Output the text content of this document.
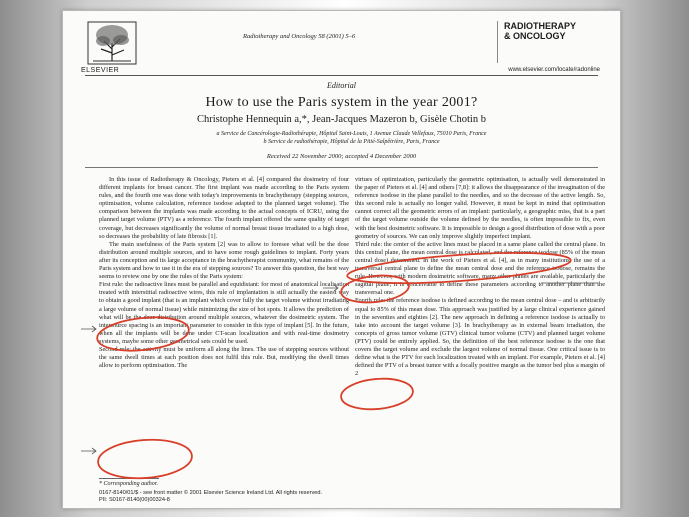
ELSEVIER
Radiotherapy and Oncology 58 (2001) 5–6
RADIOTHERAPY
& ONCOLOGY
www.elsevier.com/locate/radonline
Editorial
How to use the Paris system in the year 2001?
Christophe Hennequin a,*, Jean-Jacques Mazeron b, Gisèle Chotin b
a Service de Cancérologie-Radiothérapie, Hôpital Saint-Louis, 1 Avenue Claude Vellefaux, 75010 Paris, France
b Service de radiothérapie, Hôpital de la Pitié-Salpêtrière, Paris, France
Received 22 November 2000; accepted 4 December 2000

In this issue of Radiotherapy & Oncology, Pieters et al. [4] compared the dosimetry of four different implants for breast cancer. The first implant was made according to the Paris system rules, and the fourth one was done with today's improvements in brachytherapy (stepping sources, optimisation, volume calculation, reference isodose adapted to the planned target volume). The comparison between the implants was made according to the actual concepts of ICRU, using the planned target volume (PTV) as a reference. The fourth implant offered the same quality of target coverage, but decreases significantly the volume of normal breast tissue irradiated to a high dose, so decreases the probability of late fibrosis [1].

The main usefulness of the Paris system [2] was to allow to foresee what will be the dose distribution around multiple sources, and to have some rough guidelines to implant. Forty years after its conception and its large acceptance in the brachytherapist community, what remains of the Paris system and how to use it in the era of stepping sources? To answer this question, the best way seems to review one by one the rules of the Paris system:

First rule: the radioactive lines must be parallel and equidistant: for most of anatomical localisation treated with interstitial radioactive wires, this rule of implantation is still actually the easiest way to obtain a good implant (that is an implant which cover fully the target volume without irradiating a large volume of normal tissue) while minimizing the size of hot spots. It allows the prediction of what will be the dose distribution around multiple sources, whatever the dosimetric system. The intersource spacing is an important parameter to consider in this type of implant [5]. In the future, when all the implants will be done under CT-scan localization and with real-time dosimetry systems, maybe some other geometrical sets could be used.

Second rule: the activity must be uniform all along the lines. The use of stepping sources without the same dwell times at each position does not fulfil this rule. But, modifying the dwell times allow to perform optimisation. The

virtues of optimization, particularly the geometric optimisation, is actually well demonstrated in the paper of Pieters et al. [4] and others [7,8]: it allows the disappearance of the invagination of the reference isodose in the plane parallel to the needles, and so the decrease of the active length. So, this second rule is actually no longer valid. However, it must be kept in mind that optimisation cannot correct all the geometric errors of an implant: particularly, a geographic miss, that is a part of the target volume outside the volume defined by the needles, is often impossible to fix, even with the best dosimetric software. It is impossible to design a good distribution of dose with a poor geometry of sources. We can only improve slightly imperfect implant.

Third rule: the center of the active lines must be placed in a same plane called the central plane. In this central plane, the mean central dose is calculated, and the reference isodose (85% of the mean central dose) determined. In the work of Pieters et al. [4], as in many institutions, the use of a transversal central plane to define the mean central dose and the reference isodose, remains the rule. However, with modern dosimetric software, many other planes are available, particularly the sagittal plane; it is conceivable to define these parameters according to another plane than the transversal one.

Fourth rule: the reference isodose is defined according to the mean central dose – and is arbitrarily equal to 85% of this mean dose. This approach was justified by a large clinical experience gained in the seventies and eighties [2]. The new approach in defining a reference isodose is actually to take into account the target volume [3]. In brachytherapy as in external beam irradiation, the concepts of gross tumor volume (GTV) clinical tumor volume (CTV) and planned target volume (PTV) could be entirely applied. So, the definition of the best reference isodose is the one that covers the target volume and exclude the largest volume of normal tissue. One critical issue is to define what is the PTV for each localization treated with an implant. For example, Pieters et al. [4] defined the PTV of a breast tumor with a focally positive margin as the tumor bed plus a margin of 2

* Corresponding author.
0167-8140/01/$ - see front matter © 2001 Elsevier Science Ireland Ltd. All rights reserved.
PII: S0167-8140(00)00324-8
